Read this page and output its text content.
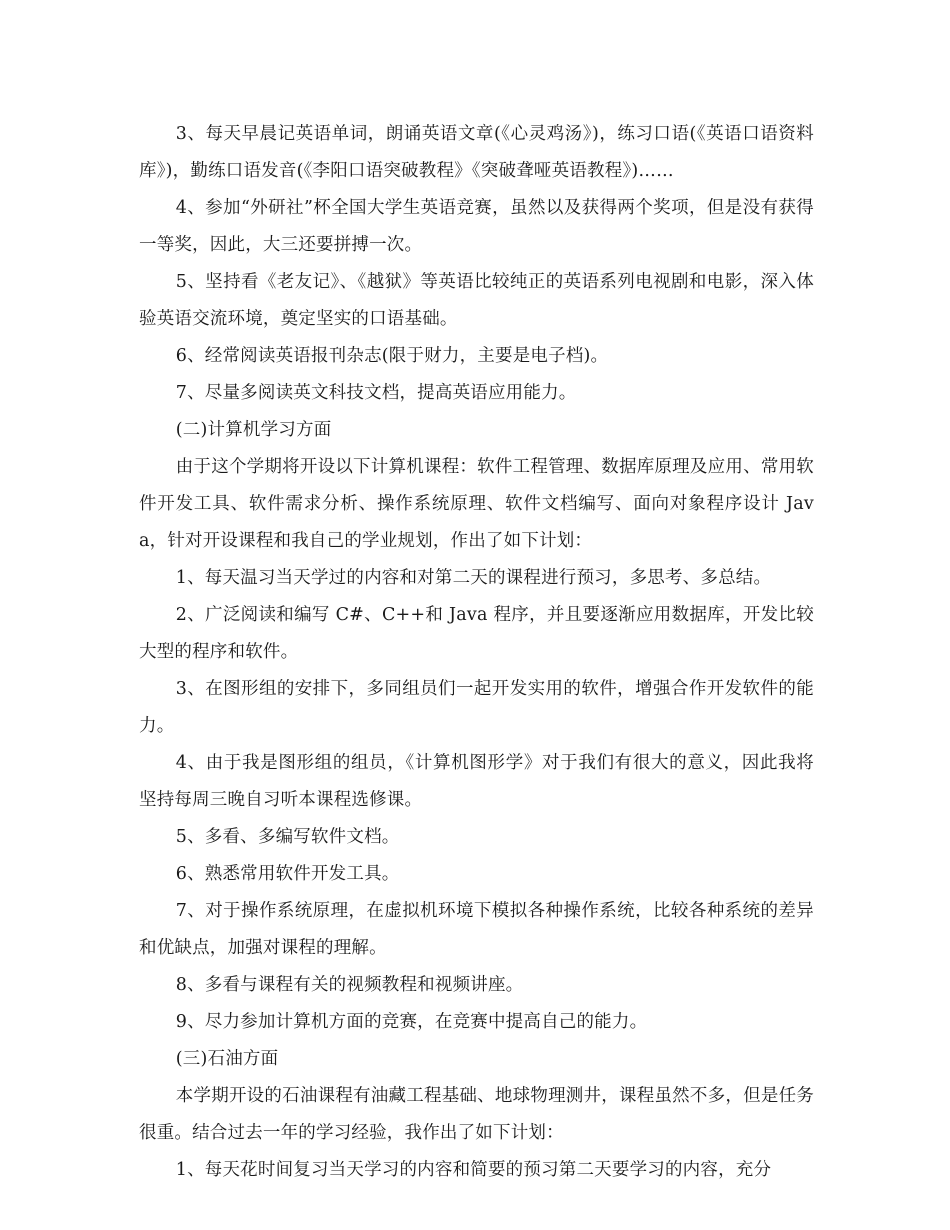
3、每天早晨记英语单词，朗诵英语文章(《心灵鸡汤》)，练习口语(《英语口语资料库》)，勤练口语发音(《李阳口语突破教程》《突破聋哑英语教程》)……

4、参加“外研社”杯全国大学生英语竞赛，虽然以及获得两个奖项，但是没有获得一等奖，因此，大三还要拼搏一次。

5、坚持看《老友记》、《越狱》等英语比较纯正的英语系列电视剧和电影，深入体验英语交流环境，奠定坚实的口语基础。

6、经常阅读英语报刊杂志(限于财力，主要是电子档)。

7、尽量多阅读英文科技文档，提高英语应用能力。

(二)计算机学习方面

由于这个学期将开设以下计算机课程：软件工程管理、数据库原理及应用、常用软件开发工具、软件需求分析、操作系统原理、软件文档编写、面向对象程序设计 Java，针对开设课程和我自己的学业规划，作出了如下计划：

1、每天温习当天学过的内容和对第二天的课程进行预习，多思考、多总结。

2、广泛阅读和编写 C#、C++和 Java 程序，并且要逐渐应用数据库，开发比较大型的程序和软件。

3、在图形组的安排下，多同组员们一起开发实用的软件，增强合作开发软件的能力。

4、由于我是图形组的组员，《计算机图形学》对于我们有很大的意义，因此我将坚持每周三晚自习听本课程选修课。

5、多看、多编写软件文档。

6、熟悉常用软件开发工具。

7、对于操作系统原理，在虚拟机环境下模拟各种操作系统，比较各种系统的差异和优缺点，加强对课程的理解。

8、多看与课程有关的视频教程和视频讲座。

9、尽力参加计算机方面的竞赛，在竞赛中提高自己的能力。

(三)石油方面

本学期开设的石油课程有油藏工程基础、地球物理测井，课程虽然不多，但是任务很重。结合过去一年的学习经验，我作出了如下计划：

1、每天花时间复习当天学习的内容和简要的预习第二天要学习的内容，充分
